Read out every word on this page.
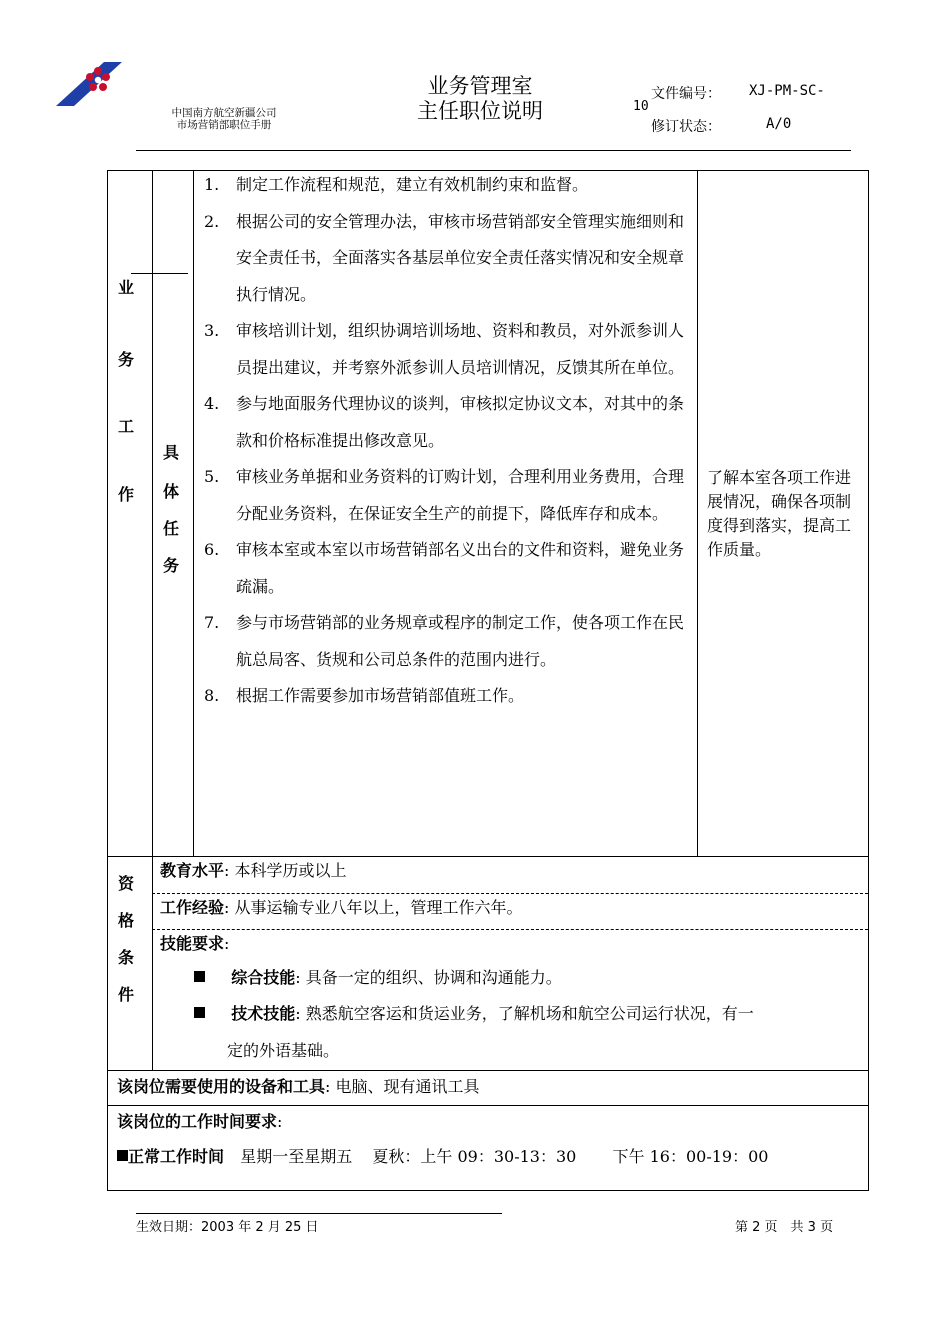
中国南方航空新疆公司
市场营销部职位手册
业务管理室
主任职位说明
文件编号： XJ-PM-SC-
10
修订状态：	A/0
业
务
工
作
具
体
任
务

1. 制定工作流程和规范，建立有效机制约束和监督。

2. 根据公司的安全管理办法，审核市场营销部安全管理实施细则和安全责任书，全面落实各基层单位安全责任落实情况和安全规章执行情况。

3. 审核培训计划，组织协调培训场地、资料和教员，对外派参训人员提出建议，并考察外派参训人员培训情况，反馈其所在单位。

4. 参与地面服务代理协议的谈判，审核拟定协议文本，对其中的条款和价格标准提出修改意见。

5. 审核业务单据和业务资料的订购计划，合理利用业务费用，合理分配业务资料，在保证安全生产的前提下，降低库存和成本。

6. 审核本室或本室以市场营销部名义出台的文件和资料，避免业务疏漏。

7. 参与市场营销部的业务规章或程序的制定工作，使各项工作在民航总局客、货规和公司总条件的范围内进行。

8. 根据工作需要参加市场营销部值班工作。

了解本室各项工作进展情况，确保各项制度得到落实，提高工作质量。
资
格
条
件
教育水平: 本科学历或以上
工作经验: 从事运输专业八年以上，管理工作六年。
技能要求:
综合技能: 具备一定的组织、协调和沟通能力。
技术技能: 熟悉航空客运和货运业务，了解机场和航空公司运行状况，有一
定的外语基础。
该岗位需要使用的设备和工具: 电脑、现有通讯工具
该岗位的工作时间要求:
正常工作时间 星期一至星期五 夏秋：上午 09：30-13：30 下午 16：00-19：00
生效日期：2003 年 2 月 25 日	第 2 页　共 3 页
